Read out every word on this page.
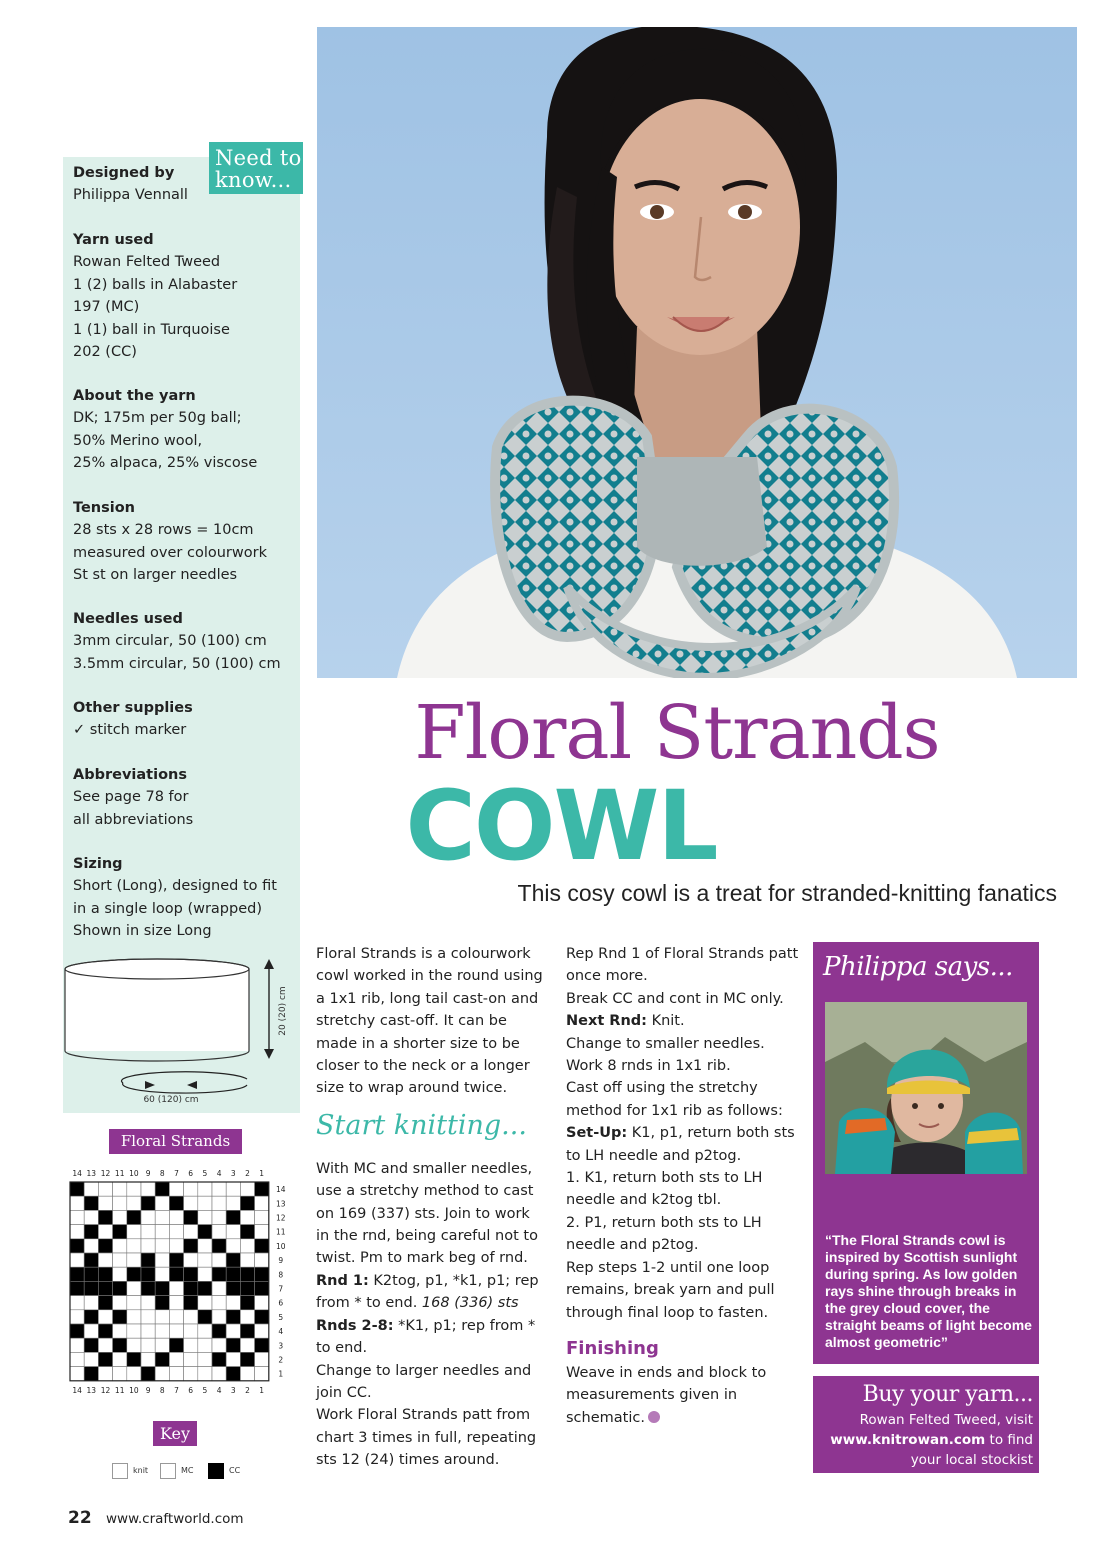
Need to
know...
Designed by
Philippa Vennall
Yarn used
Rowan Felted Tweed
1 (2) balls in Alabaster
197 (MC)
1 (1) ball in Turquoise
202 (CC)
About the yarn
DK; 175m per 50g ball;
50% Merino wool,
25% alpaca, 25% viscose
Tension
28 sts x 28 rows = 10cm
measured over colourwork
St st on larger needles
Needles used
3mm circular, 50 (100) cm
3.5mm circular, 50 (100) cm
Other supplies
✓ stitch marker
Abbreviations
See page 78 for
all abbreviations
Sizing
Short (Long), designed to fit
in a single loop (wrapped)
Shown in size Long
20 (20) cm
60 (120) cm
Floral Strands
14
14
13
13
12
12
11
11
10
10
9
9
8
8
7
7
6
6
5
5
4
4
3
3
2
2
1
1
14
13
12
11
10
9
8
7
6
5
4
3
2
1
Key
knit	MC	CC
Floral Strands
COWL
This cosy cowl is a treat for stranded-knitting fanatics

Floral Strands is a colourwork cowl worked in the round using a 1x1 rib, long tail cast-on and stretchy cast-off. It can be made in a shorter size to be closer to the neck or a longer size to wrap around twice.

Start knitting...

With MC and smaller needles, use a stretchy method to cast on 169 (337) sts. Join to work in the rnd, being careful not to twist. Pm to mark beg of rnd.

Rnd 1: K2tog, p1, *k1, p1; rep from * to end. 168 (336) sts

Rnds 2-8: *K1, p1; rep from * to end.

Change to larger needles and join CC.

Work Floral Strands patt from chart 3 times in full, repeating sts 12 (24) times around.

Rep Rnd 1 of Floral Strands patt once more.

Break CC and cont in MC only.

Next Rnd: Knit.

Change to smaller needles.

Work 8 rnds in 1x1 rib.

Cast off using the stretchy method for 1x1 rib as follows:

Set-Up: K1, p1, return both sts to LH needle and p2tog.

1. K1, return both sts to LH needle and k2tog tbl.

2. P1, return both sts to LH needle and p2tog.

Rep steps 1-2 until one loop remains, break yarn and pull through final loop to fasten.

Finishing

Weave in ends and block to measurements given in schematic.

Philippa says...
“The Floral Strands cowl is inspired by Scottish sunlight during spring. As low golden rays shine through breaks in the grey cloud cover, the straight beams of light become almost geometric”
Buy your yarn...
Rowan Felted Tweed, visit
www.knitrowan.com to find
your local stockist
22 www.craftworld.com
